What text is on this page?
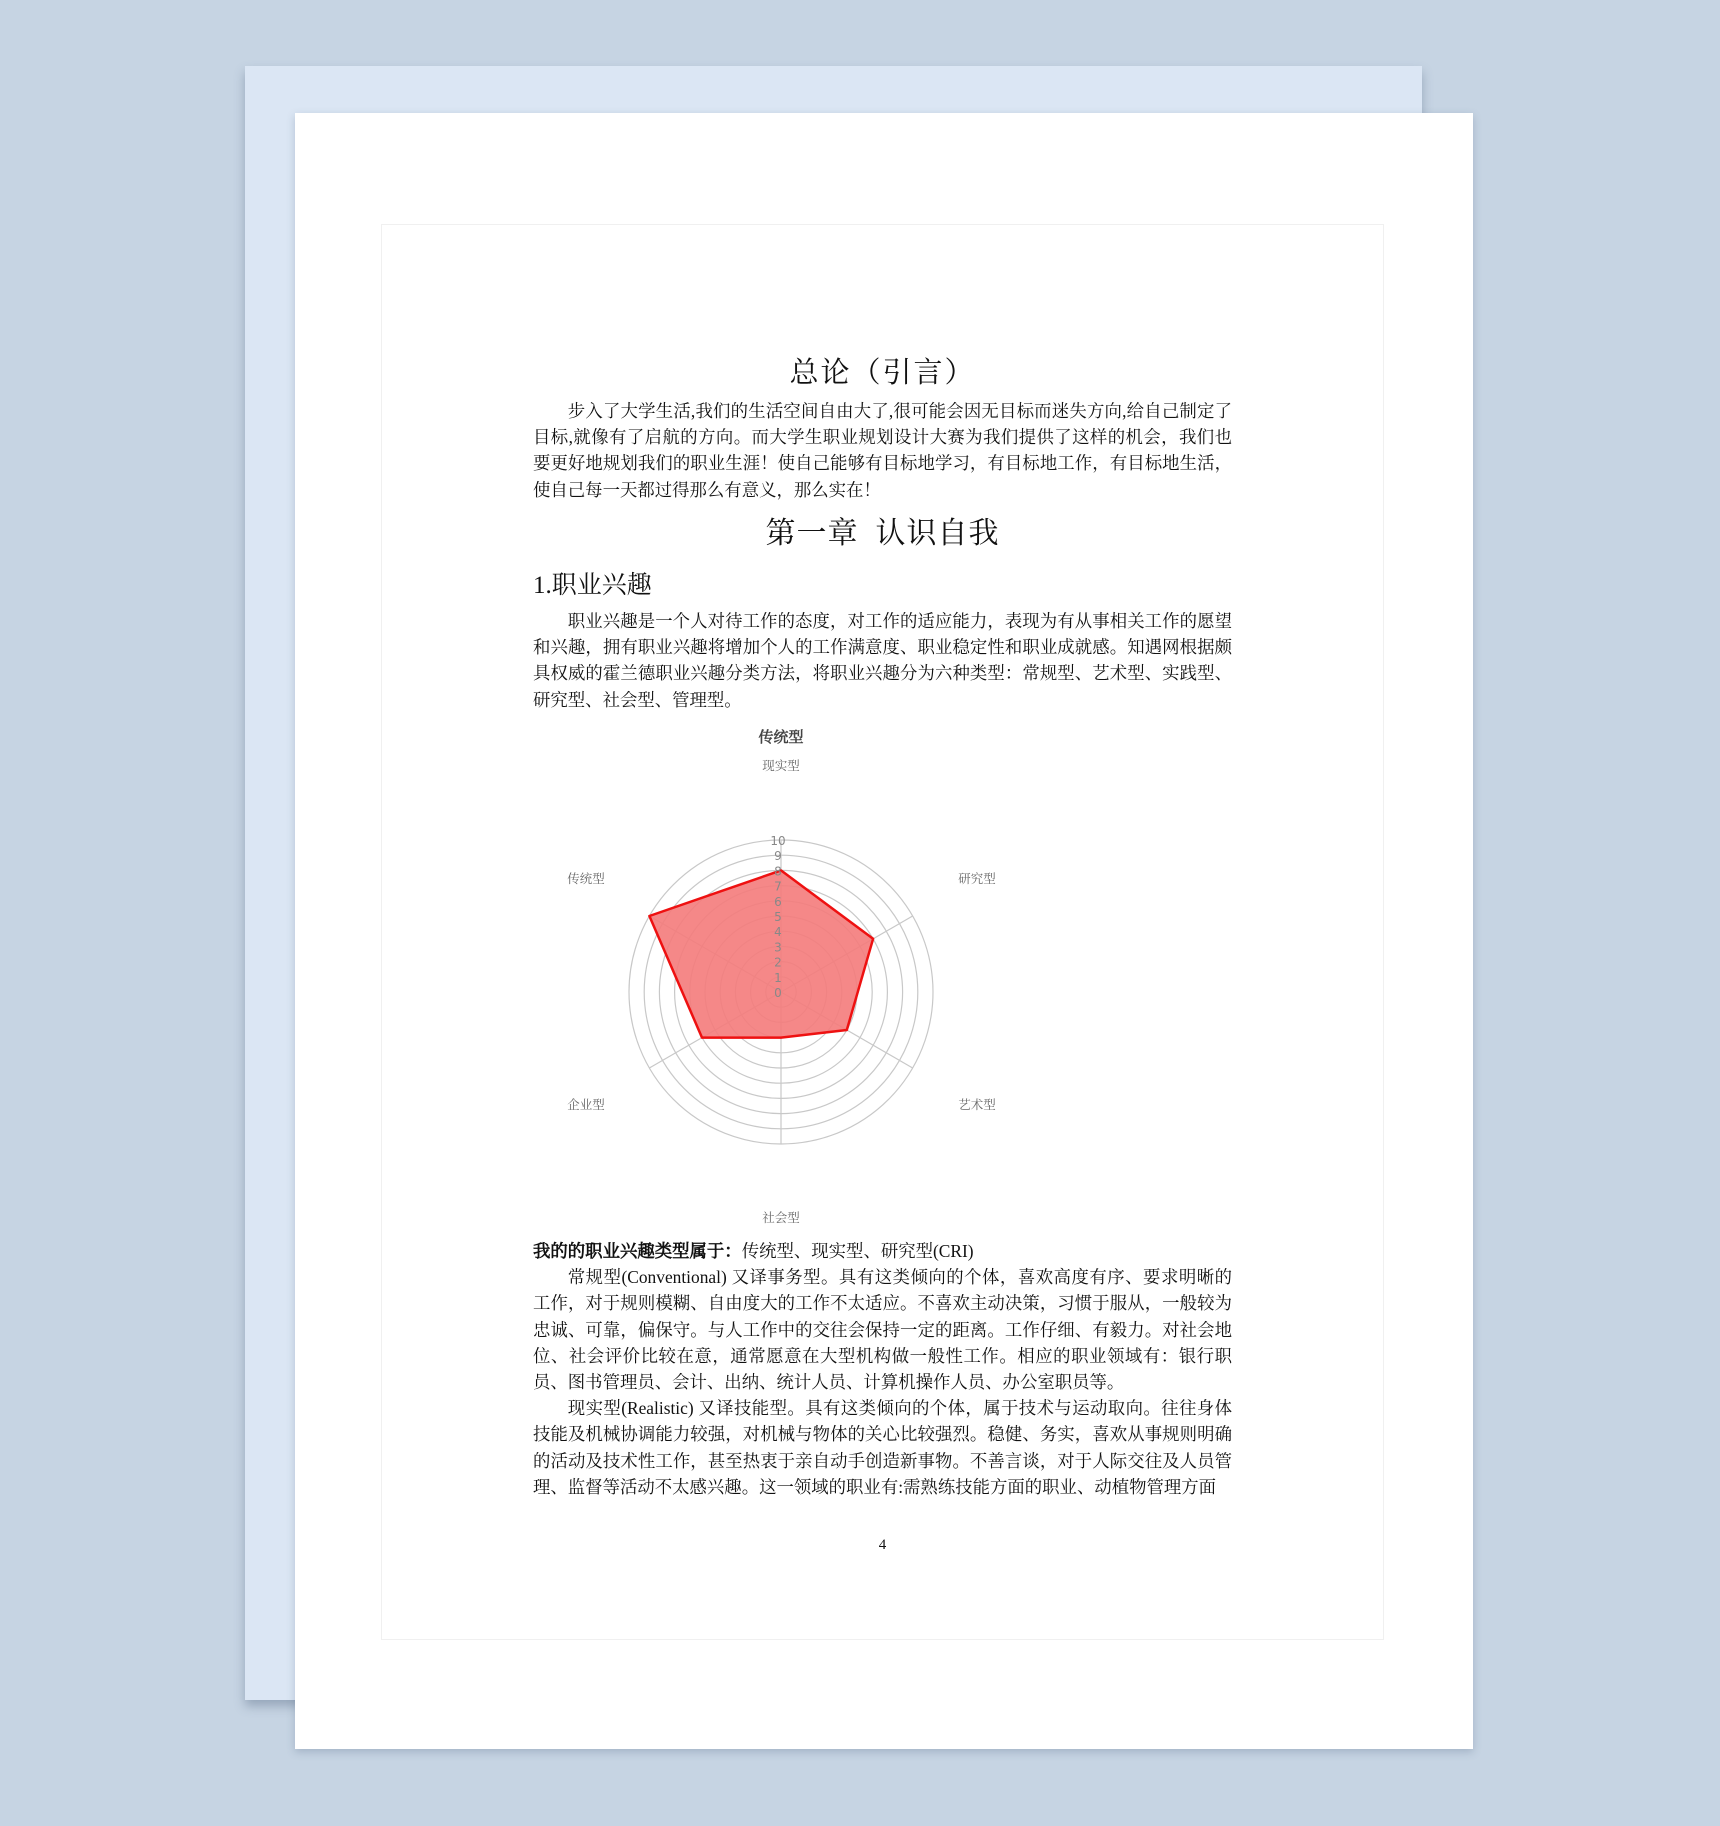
总论（引言）

步入了大学生活,我们的生活空间自由大了,很可能会因无目标而迷失方向,给自己制定了目标,就像有了启航的方向。而大学生职业规划设计大赛为我们提供了这样的机会，我们也要更好地规划我们的职业生涯！使自己能够有目标地学习，有目标地工作，有目标地生活，使自己每一天都过得那么有意义，那么实在！

第一章  认识自我
1.职业兴趣

职业兴趣是一个人对待工作的态度，对工作的适应能力，表现为有从事相关工作的愿望和兴趣，拥有职业兴趣将增加个人的工作满意度、职业稳定性和职业成就感。知遇网根据颇具权威的霍兰德职业兴趣分类方法，将职业兴趣分为六种类型：常规型、艺术型、实践型、研究型、社会型、管理型。

0
1
2
3
4
5
6
7
8
9
10
现实型
研究型
艺术型
社会型
企业型
传统型
传统型

我的的职业兴趣类型属于：传统型、现实型、研究型(CRI)

常规型(Conventional) 又译事务型。具有这类倾向的个体，喜欢高度有序、要求明晰的工作，对于规则模糊、自由度大的工作不太适应。不喜欢主动决策，习惯于服从，一般较为忠诚、可靠，偏保守。与人工作中的交往会保持一定的距离。工作仔细、有毅力。对社会地位、社会评价比较在意，通常愿意在大型机构做一般性工作。相应的职业领域有：银行职员、图书管理员、会计、出纳、统计人员、计算机操作人员、办公室职员等。

现实型(Realistic) 又译技能型。具有这类倾向的个体，属于技术与运动取向。往往身体技能及机械协调能力较强，对机械与物体的关心比较强烈。稳健、务实，喜欢从事规则明确的活动及技术性工作，甚至热衷于亲自动手创造新事物。不善言谈，对于人际交往及人员管理、监督等活动不太感兴趣。这一领域的职业有:需熟练技能方面的职业、动植物管理方面

4
